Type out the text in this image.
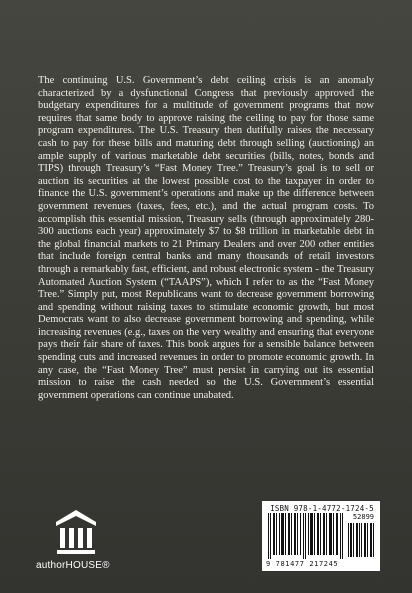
The continuing U.S. Government’s debt ceiling crisis is an anomaly characterized by a dysfunctional Congress that previously approved the budgetary expenditures for a multitude of government programs that now requires that same body to approve raising the ceiling to pay for those same program expenditures. The U.S. Treasury then dutifully raises the necessary cash to pay for these bills and maturing debt through selling (auctioning) an ample supply of various marketable debt securities (bills, notes, bonds and TIPS) through Treasury’s “Fast Money Tree.” Treasury’s goal is to sell or auction its securities at the lowest possible cost to the taxpayer in order to finance the U.S. government’s operations and make up the difference between government revenues (taxes, fees, etc.), and the actual program costs. To accomplish this essential mission, Treasury sells (through approximately 280-300 auctions each year) approximately $7 to $8 trillion in marketable debt in the global financial markets to 21 Primary Dealers and over 200 other entities that include foreign central banks and many thousands of retail investors through a remarkably fast, efficient, and robust electronic system - the Treasury Automated Auction System (“TAAPS”), which I refer to as the “Fast Money Tree.” Simply put, most Republicans want to decrease government borrowing and spending without raising taxes to stimulate economic growth, but most Democrats want to also decrease government borrowing and spending, while increasing revenues (e.g., taxes on the very wealthy and ensuring that everyone pays their fair share of taxes. This book argues for a sensible balance between spending cuts and increased revenues in order to promote economic growth. In any case, the “Fast Money Tree” must persist in carrying out its essential mission to raise the cash needed so the U.S. Government’s essential government operations can continue unabated.

authorHOUSE®
ISBN 978-1-4772-1724-5
52899
9 781477 217245
